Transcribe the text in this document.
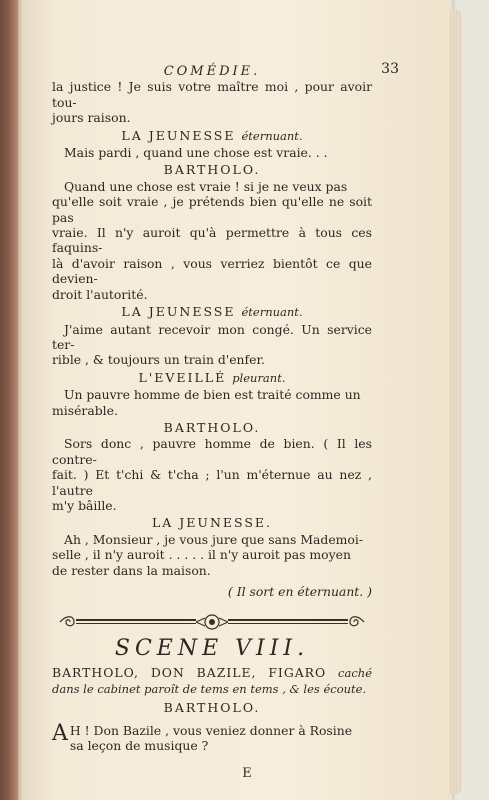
COMÉDIE.	33

la justice ! Je suis votre maître moi , pour avoir tou-

jours raison.

LA JEUNESSE éternuant.

Mais pardi , quand une chose est vraie. . .

BARTHOLO.

Quand une chose est vraie ! si je ne veux pas

qu'elle soit vraie , je prétends bien qu'elle ne soit pas

vraie. Il n'y auroit qu'à permettre à tous ces faquins-

là d'avoir raison , vous verriez bientôt ce que devien-

droit l'autorité.

LA JEUNESSE éternuant.

J'aime autant recevoir mon congé. Un service ter-

rible , & toujours un train d'enfer.

L'EVEILLÉ pleurant.

Un pauvre homme de bien est traité comme un

misérable.

BARTHOLO.

Sors donc , pauvre homme de bien. ( Il les contre-

fait. ) Et t'chi & t'cha ; l'un m'éternue au nez , l'autre

m'y bâille.

LA JEUNESSE.

Ah , Monsieur , je vous jure que sans Mademoi-

selle , il n'y auroit . . . . . il n'y auroit pas moyen

de rester dans la maison.

( Il sort en éternuant. )
SCENE VIII.
BARTHOLO, DON BAZILE, FIGARO caché dans le cabinet paroît de tems en tems , & les écoute.
BARTHOLO.
A H ! Don Bazile , vous veniez donner à Rosine
sa leçon de musique ?
E
